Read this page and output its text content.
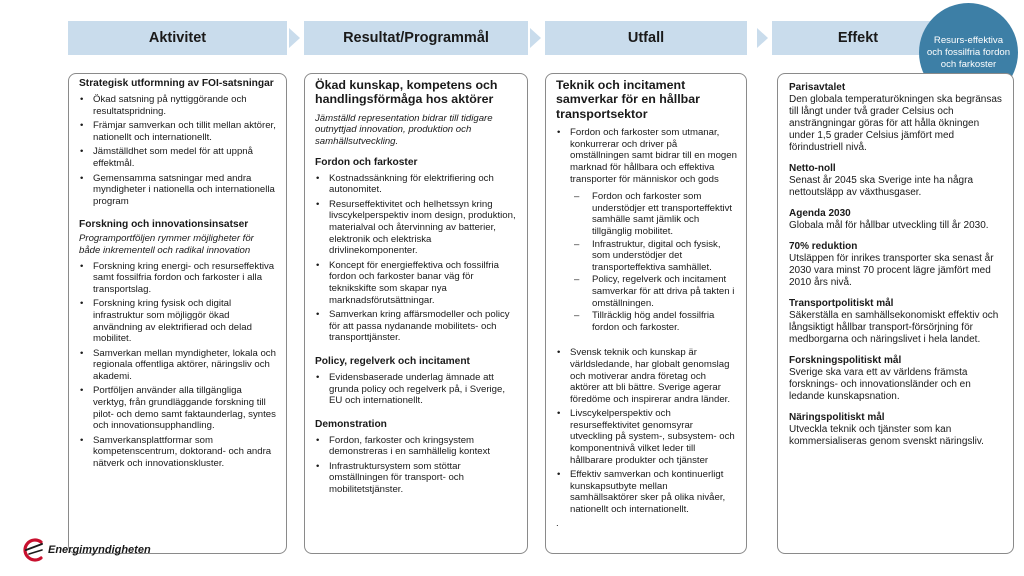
Aktivitet	Resultat/Programmål	Utfall	Effekt	Resurs-effektiva och fossilfria fordon och farkoster
Strategisk utformning av FOI-satsningar
• Ökad satsning på nyttiggörande och resultatspridning.
• Främjar samverkan och tillit mellan aktörer, nationellt och internationellt.
• Jämställdhet som medel för att uppnå effektmål.
• Gemensamma satsningar med andra myndigheter i nationella och internationella program
Forskning och innovationsinsatser
Programportföljen rymmer möjligheter för både inkrementell och radikal innovation
• Forskning kring energi- och resurseffektiva samt fossilfria fordon och farkoster i alla transportslag.
• Forskning kring fysisk och digital infrastruktur som möjliggör ökad användning av elektrifierad och delad mobilitet.
• Samverkan mellan myndigheter, lokala och regionala offentliga aktörer, näringsliv och akademi.
• Portföljen använder alla tillgängliga verktyg, från grundläggande forskning till pilot- och demo samt faktaunderlag, syntes och innovationsupphandling.
• Samverkansplattformar som kompetenscentrum, doktorand- och andra nätverk och innovationskluster.
Ökad kunskap, kompetens och handlingsförmåga hos aktörer
Jämställd representation bidrar till tidigare outnyttjad innovation, produktion och samhällsutveckling.
Fordon och farkoster
• Kostnadssänkning för elektrifiering och autonomitet.
• Resurseffektivitet och helhetssyn kring livscykelperspektiv inom design, produktion, materialval och återvinning av batterier, elektronik och elektriska drivlinekomponenter.
• Koncept för energieffektiva och fossilfria fordon och farkoster banar väg för teknikskifte som skapar nya marknadsförutsättningar.
• Samverkan kring affärsmodeller och policy för att passa nydanande mobilitets- och transporttjänster.
Policy, regelverk och incitament
• Evidensbaserade underlag ämnade att grunda policy och regelverk på, i Sverige, EU och internationellt.
Demonstration
• Fordon, farkoster och kringsystem demonstreras i en samhällelig kontext
• Infrastruktursystem som stöttar omställningen för transport- och mobilitetstjänster.
Teknik och incitament samverkar för en hållbar transportsektor
• Fordon och farkoster som utmanar, konkurrerar och driver på omställningen samt bidrar till en mogen marknad för hållbara och effektiva transporter för människor och gods
– Fordon och farkoster som understödjer ett transporteffektivt samhälle samt jämlik och tillgänglig mobilitet.
– Infrastruktur, digital och fysisk, som understödjer det transporteffektiva samhället.
– Policy, regelverk och incitament samverkar för att driva på takten i omställningen.
– Tillräcklig hög andel fossilfria fordon och farkoster.
• Svensk teknik och kunskap är världsledande, har globalt genomslag och motiverar andra företag och aktörer att bli bättre. Sverige agerar föredöme och inspirerar andra länder.
• Livscykelperspektiv och resurseffektivitet genomsyrar utveckling på system-, subsystem- och komponentnivå vilket leder till hållbarare produkter och tjänster
• Effektiv samverkan och kontinuerligt kunskapsutbyte mellan samhällsaktörer sker på olika nivåer, nationellt och internationellt.
.
Parisavtalet

Den globala temperaturökningen ska begränsas till långt under två grader Celsius och ansträngningar göras för att hålla ökningen under 1,5 grader Celsius jämfört med förindustriell nivå.

Netto-noll

Senast år 2045 ska Sverige inte ha några nettoutsläpp av växthusgaser.

Agenda 2030

Globala mål för hållbar utveckling till år 2030.

70% reduktion

Utsläppen för inrikes transporter ska senast år 2030 vara minst 70 procent lägre jämfört med 2010 års nivå.

Transportpolitiskt mål

Säkerställa en samhällsekonomiskt effektiv och långsiktigt hållbar transport-försörjning för medborgarna och näringslivet i hela landet.

Forskningspolitiskt mål

Sverige ska vara ett av världens främsta forsknings- och innovationsländer och en ledande kunskapsnation.

Näringspolitiskt mål

Utveckla teknik och tjänster som kan kommersialiseras genom svenskt näringsliv.

Energimyndigheten
